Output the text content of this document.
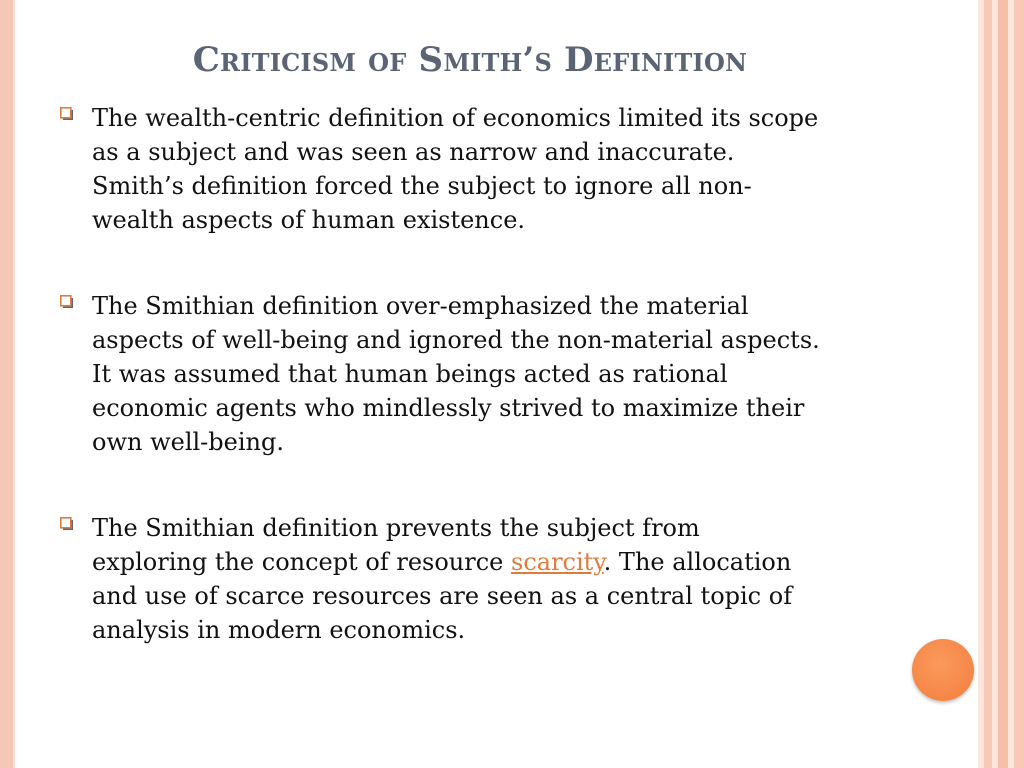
Criticism of Smith’s Definition
The wealth-centric definition of economics limited its scope
as a subject and was seen as narrow and inaccurate.
Smith’s definition forced the subject to ignore all non-
wealth aspects of human existence.
The Smithian definition over-emphasized the material
aspects of well-being and ignored the non-material aspects.
It was assumed that human beings acted as rational
economic agents who mindlessly strived to maximize their
own well-being.
The Smithian definition prevents the subject from
exploring the concept of resource scarcity. The allocation
and use of scarce resources are seen as a central topic of
analysis in modern economics.
